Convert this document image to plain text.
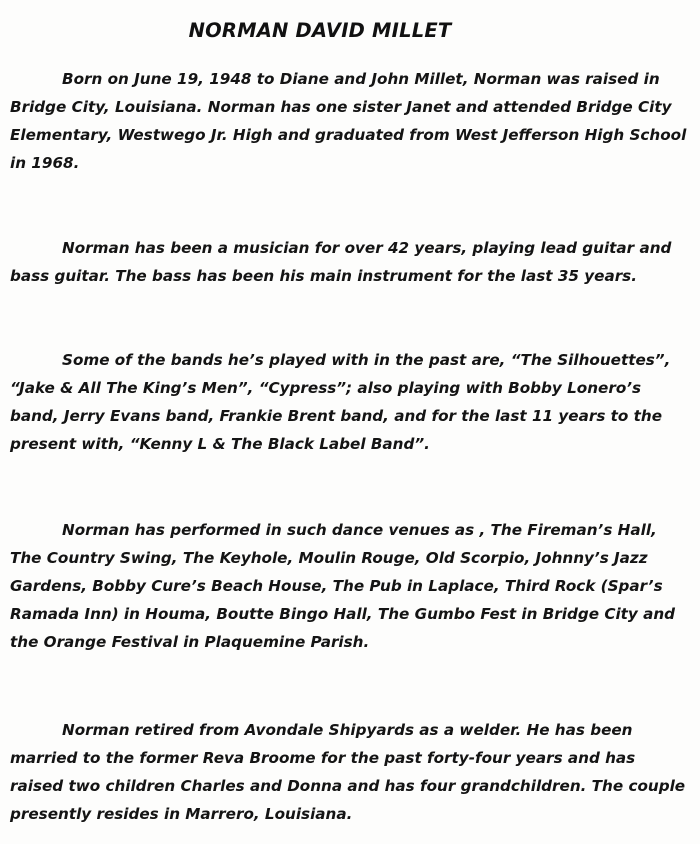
NORMAN DAVID MILLET

Born on June 19, 1948 to Diane and John Millet, Norman was raised in Bridge City, Louisiana. Norman has one sister Janet and attended Bridge City Elementary, Westwego Jr. High and graduated from West Jefferson High School in 1968.

Norman has been a musician for over 42 years, playing lead guitar and bass guitar. The bass has been his main instrument for the last 35 years.

Some of the bands he’s played with in the past are, “The Silhouettes”, “Jake & All The King’s Men”, “Cypress”; also playing with Bobby Lonero’s band, Jerry Evans band, Frankie Brent band, and for the last 11 years to the present with, “Kenny L & The Black Label Band”.

Norman has performed in such dance venues as , The Fireman’s Hall, The Country Swing, The Keyhole, Moulin Rouge, Old Scorpio, Johnny’s Jazz Gardens, Bobby Cure’s Beach House, The Pub in Laplace, Third Rock (Spar’s Ramada Inn) in Houma, Boutte Bingo Hall, The Gumbo Fest in Bridge City and the Orange Festival in Plaquemine Parish.

Norman retired from Avondale Shipyards as a welder. He has been married to the former Reva Broome for the past forty-four years and has raised two children Charles and Donna and has four grandchildren. The couple presently resides in Marrero, Louisiana.
